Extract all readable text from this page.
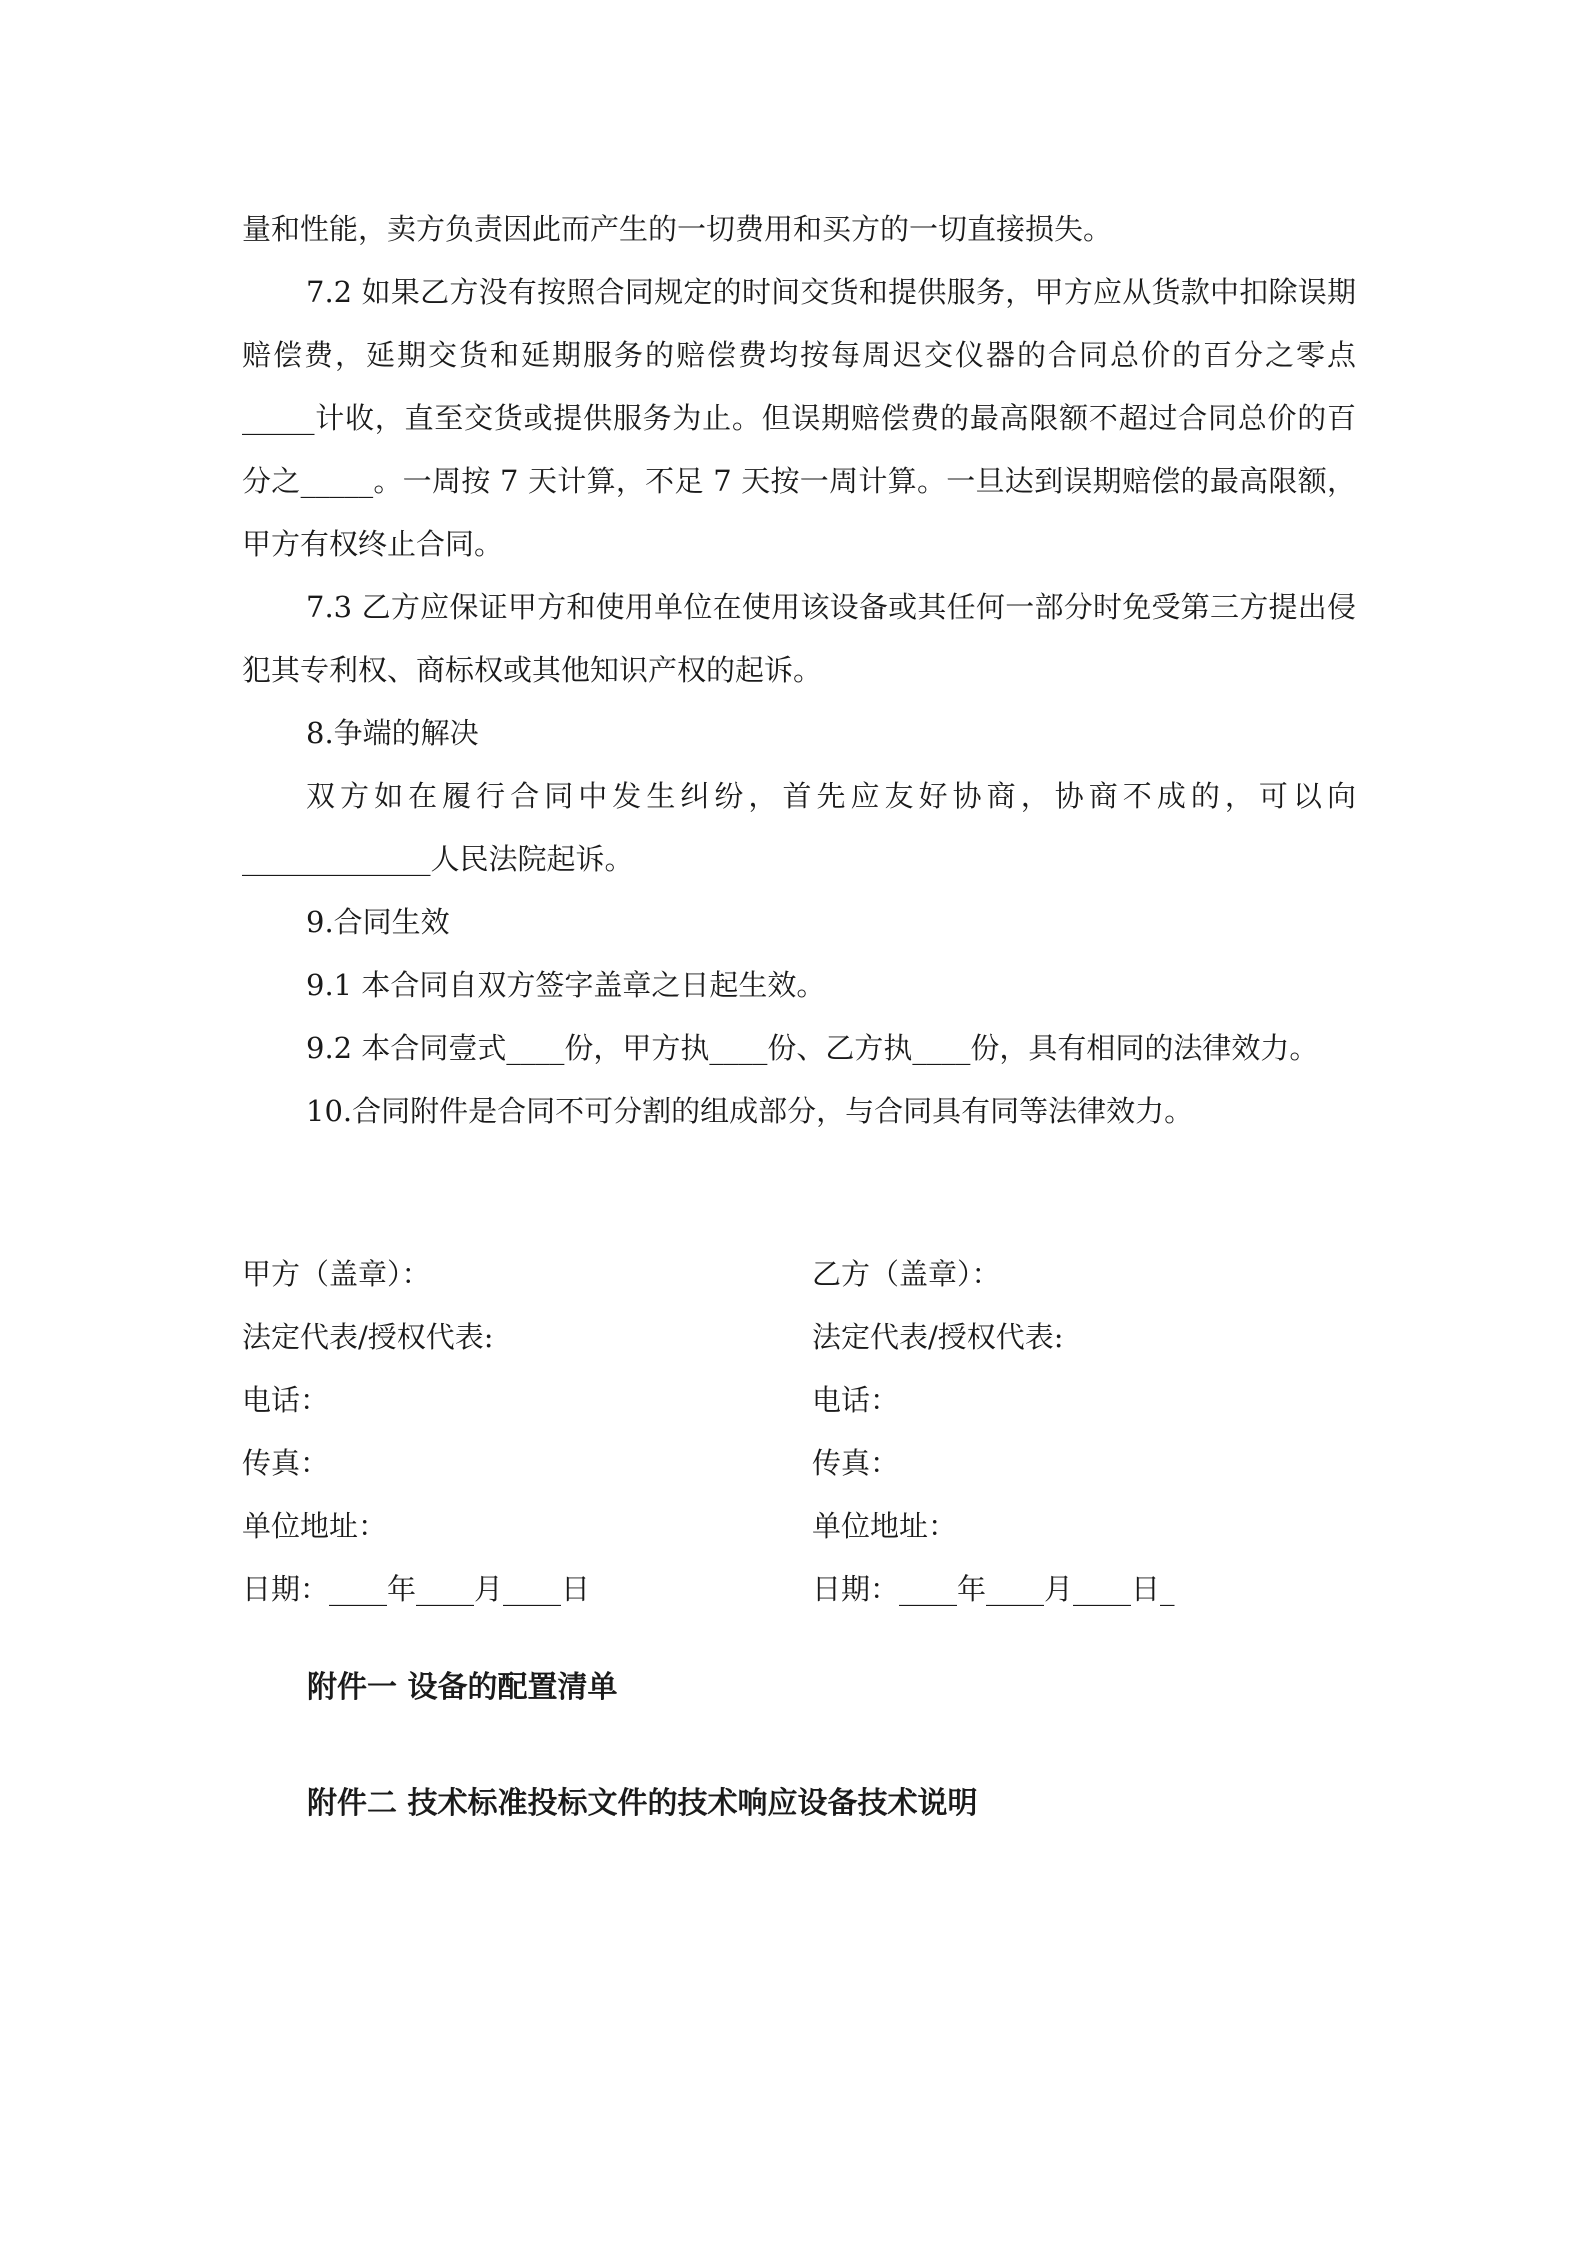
量和性能，卖方负责因此而产生的一切费用和买方的一切直接损失。

7.2 如果乙方没有按照合同规定的时间交货和提供服务，甲方应从货款中扣除误期赔偿费，延期交货和延期服务的赔偿费均按每周迟交仪器的合同总价的百分之零点_____计收，直至交货或提供服务为止。但误期赔偿费的最高限额不超过合同总价的百分之_____。一周按 7 天计算，不足 7 天按一周计算。一旦达到误期赔偿的最高限额，甲方有权终止合同。

7.3 乙方应保证甲方和使用单位在使用该设备或其任何一部分时免受第三方提出侵犯其专利权、商标权或其他知识产权的起诉。

8.争端的解决

双方如在履行合同中发生纠纷，首先应友好协商，协商不成的，可以向_____________人民法院起诉。

9.合同生效

9.1 本合同自双方签字盖章之日起生效。

9.2 本合同壹式____份，甲方执____份、乙方执____份，具有相同的法律效力。

10.合同附件是合同不可分割的组成部分，与合同具有同等法律效力。

甲方（盖章）：
法定代表/授权代表:
电话：
传真：
单位地址：
日期：____年____月____日
乙方（盖章）：
法定代表/授权代表:
电话：
传真：
单位地址：
日期：____年____月____日_
附件一 设备的配置清单
附件二 技术标准投标文件的技术响应设备技术说明
